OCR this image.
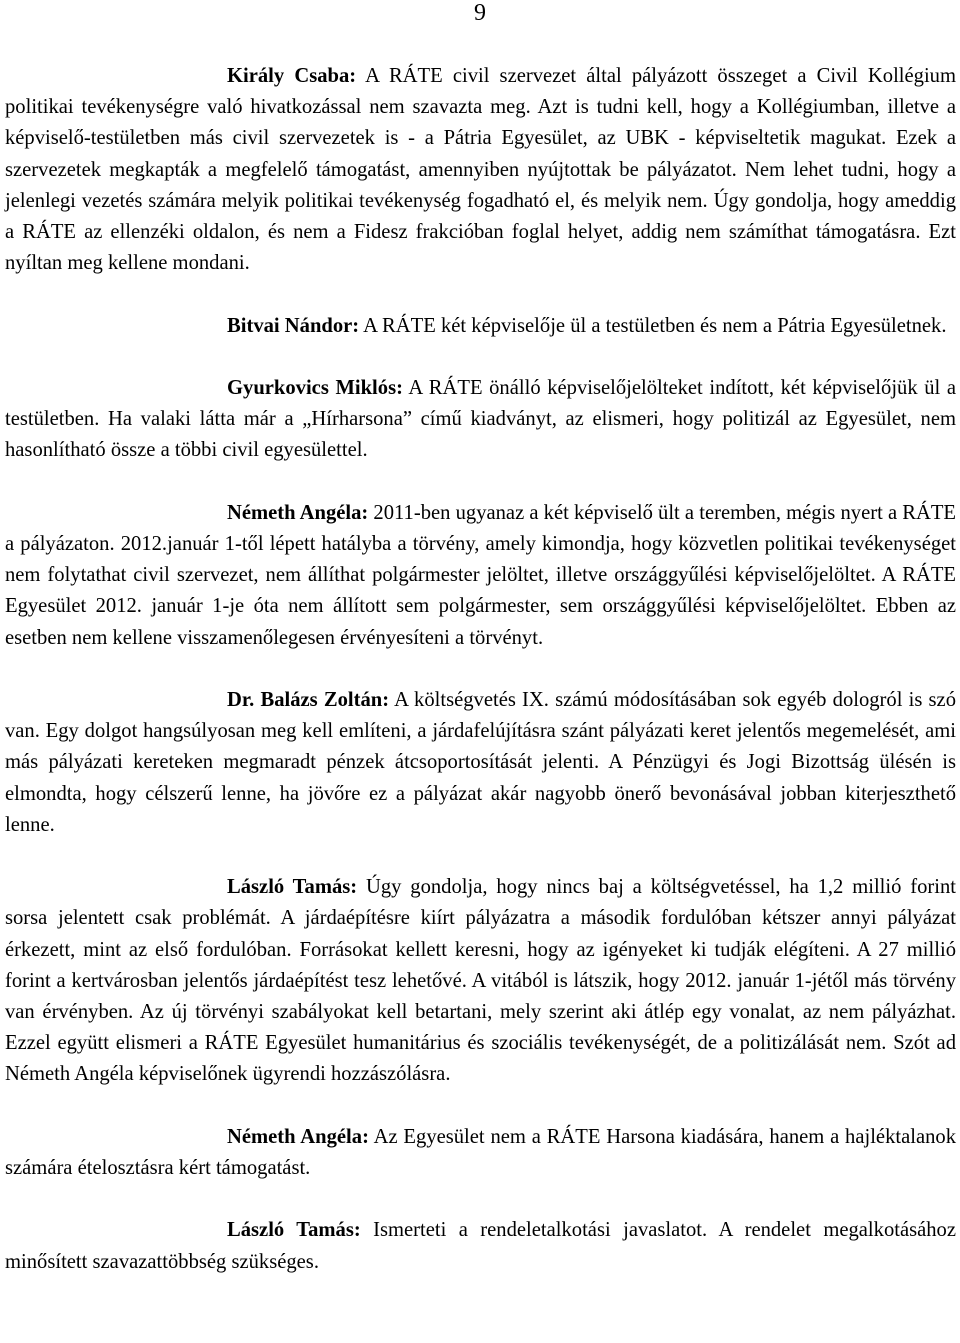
9

Király Csaba: A RÁTE civil szervezet által pályázott összeget a Civil Kollégium politikai tevékenységre való hivatkozással nem szavazta meg. Azt is tudni kell, hogy a Kollégiumban, illetve a képviselő-testületben más civil szervezetek is - a Pátria Egyesület, az UBK - képviseltetik magukat. Ezek a szervezetek megkapták a megfelelő támogatást, amennyiben nyújtottak be pályázatot. Nem lehet tudni, hogy a jelenlegi vezetés számára melyik politikai tevékenység fogadható el, és melyik nem. Úgy gondolja, hogy ameddig a RÁTE az ellenzéki oldalon, és nem a Fidesz frakcióban foglal helyet, addig nem számíthat támogatásra. Ezt nyíltan meg kellene mondani.

Bitvai Nándor: A RÁTE két képviselője ül a testületben és nem a Pátria Egyesületnek.

Gyurkovics Miklós: A RÁTE önálló képviselőjelölteket indított, két képviselőjük ül a testületben. Ha valaki látta már a „Hírharsona” című kiadványt, az elismeri, hogy politizál az Egyesület, nem hasonlítható össze a többi civil egyesülettel.

Németh Angéla: 2011-ben ugyanaz a két képviselő ült a teremben, mégis nyert a RÁTE a pályázaton. 2012.január 1-től lépett hatályba a törvény, amely kimondja, hogy közvetlen politikai tevékenységet nem folytathat civil szervezet, nem állíthat polgármester jelöltet, illetve országgyűlési képviselőjelöltet. A RÁTE Egyesület 2012. január 1-je óta nem állított sem polgármester, sem országgyűlési képviselőjelöltet. Ebben az esetben nem kellene visszamenőlegesen érvényesíteni a törvényt.

Dr. Balázs Zoltán: A költségvetés IX. számú módosításában sok egyéb dologról is szó van. Egy dolgot hangsúlyosan meg kell említeni, a járdafelújításra szánt pályázati keret jelentős megemelését, ami más pályázati kereteken megmaradt pénzek átcsoportosítását jelenti. A Pénzügyi és Jogi Bizottság ülésén is elmondta, hogy célszerű lenne, ha jövőre ez a pályázat akár nagyobb önerő bevonásával jobban kiterjeszthető lenne.

László Tamás: Úgy gondolja, hogy nincs baj a költségvetéssel, ha 1,2 millió forint sorsa jelentett csak problémát. A járdaépítésre kiírt pályázatra a második fordulóban kétszer annyi pályázat érkezett, mint az első fordulóban. Forrásokat kellett keresni, hogy az igényeket ki tudják elégíteni. A 27 millió forint a kertvárosban jelentős járdaépítést tesz lehetővé. A vitából is látszik, hogy 2012. január 1-jétől más törvény van érvényben. Az új törvényi szabályokat kell betartani, mely szerint aki átlép egy vonalat, az nem pályázhat. Ezzel együtt elismeri a RÁTE Egyesület humanitárius és szociális tevékenységét, de a politizálását nem. Szót ad Németh Angéla képviselőnek ügyrendi hozzászólásra.

Németh Angéla: Az Egyesület nem a RÁTE Harsona kiadására, hanem a hajléktalanok számára ételosztásra kért támogatást.

László Tamás: Ismerteti a rendeletalkotási javaslatot. A rendelet megalkotásához minősített szavazattöbbség szükséges.
